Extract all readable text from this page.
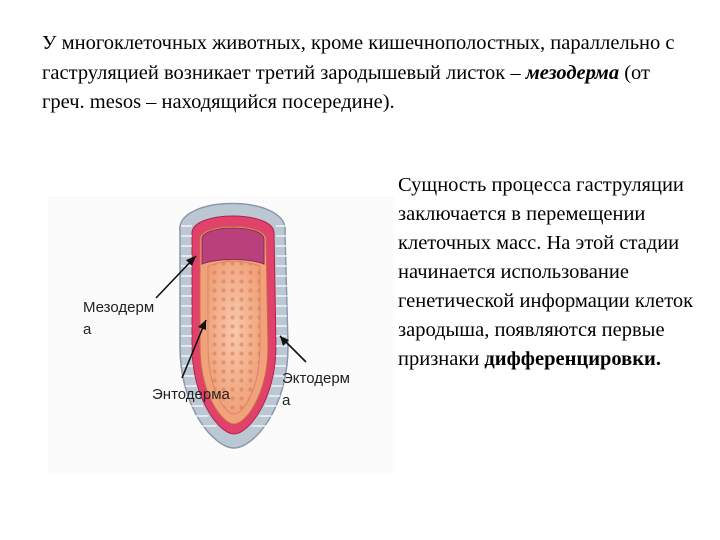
У многоклеточных животных, кроме кишечнополостных, параллельно с гаструляцией возникает третий зародышевый листок – мезодерма (от греч. mesos – находящийся посередине).

Сущность процесса гаструляции заключается в перемещении клеточных масс. На этой стадии начинается использование генетической информации клеток зародыша, появляются первые признаки дифференцировки.

Мезодерм
а
Энтодерма
Эктодерм
а
